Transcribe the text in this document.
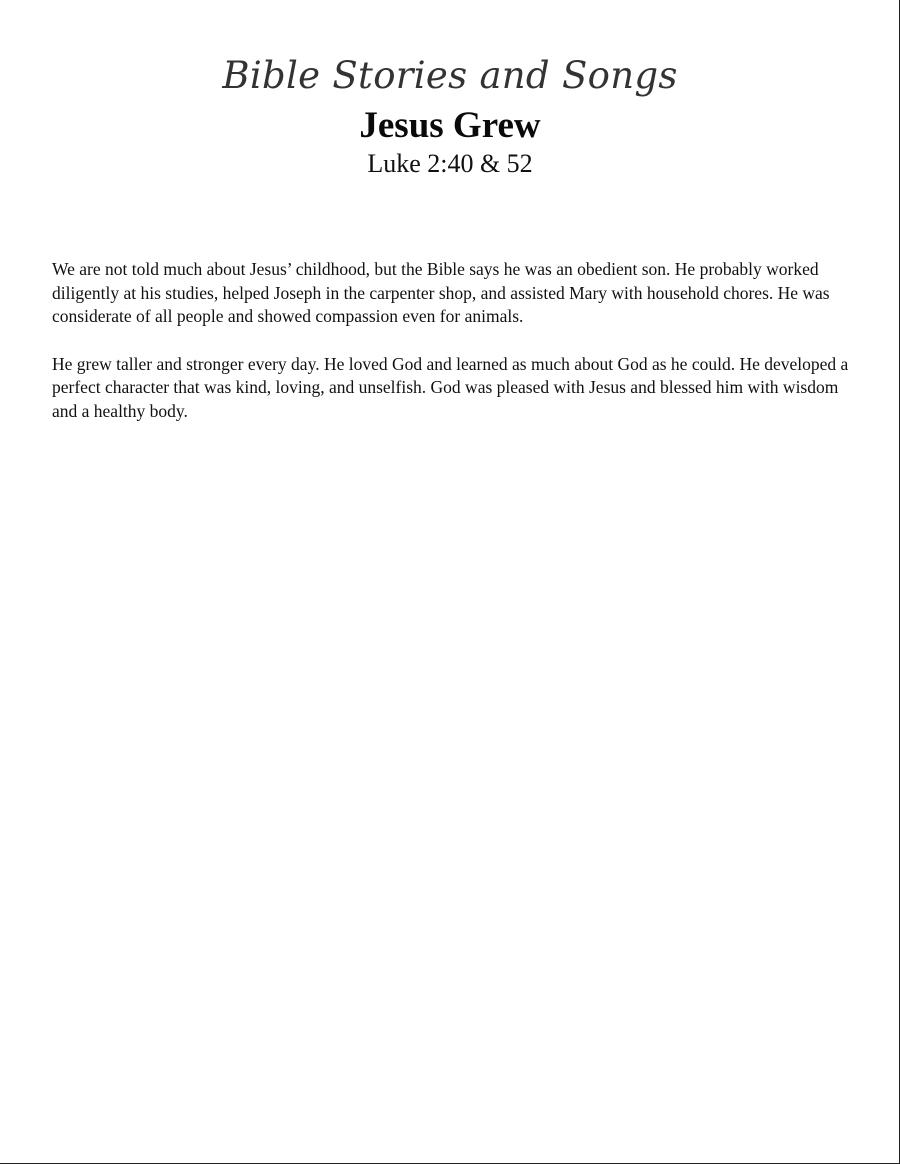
Bible Stories and Songs
Jesus Grew
Luke 2:40 & 52

We are not told much about Jesus’ childhood, but the Bible says he was an obedient son. He probably worked diligently at his studies, helped Joseph in the carpenter shop, and assisted Mary with household chores. He was considerate of all people and showed compassion even for animals.

He grew taller and stronger every day. He loved God and learned as much about God as he could. He developed a perfect character that was kind, loving, and unselfish. God was pleased with Jesus and blessed him with wisdom and a healthy body.
